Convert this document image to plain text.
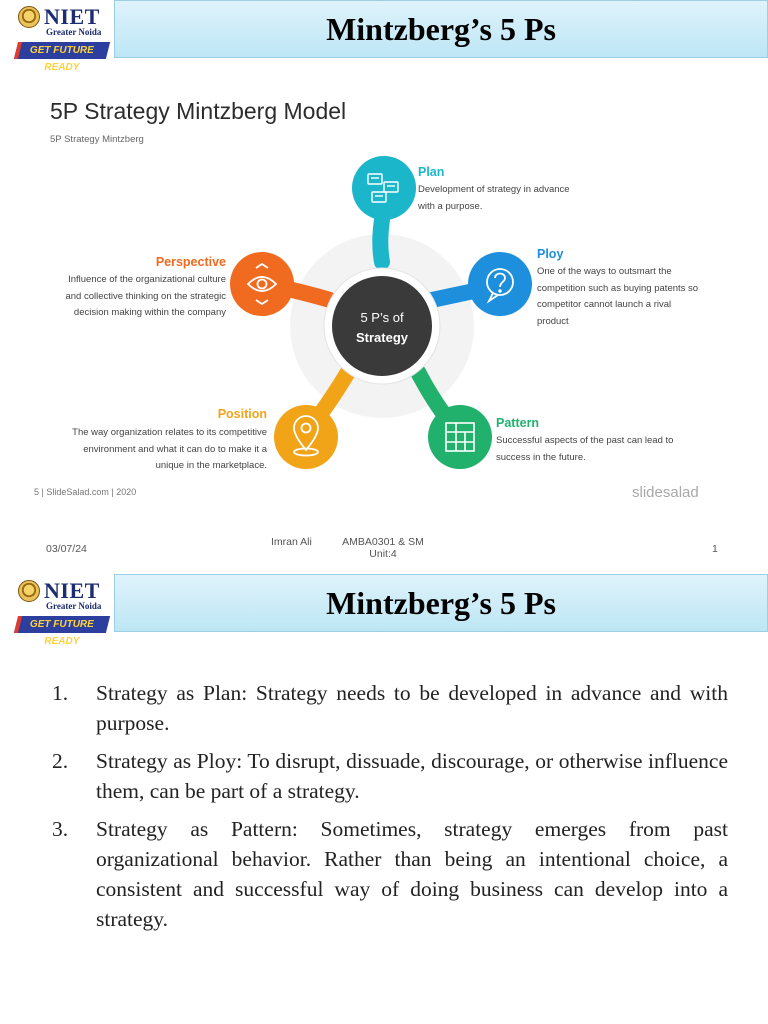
NIET
Greater Noida
GET FUTURE READY
Mintzberg’s 5 Ps
5P Strategy Mintzberg Model
5P Strategy Mintzberg
5 P’s of
Strategy
Plan
Development of strategy in advance
with a purpose.
Ploy
One of the ways to outsmart the
competition such as buying patents so
competitor cannot launch a rival
product
Pattern
Successful aspects of the past can lead to
success in the future.
Position
The way organization relates to its competitive
environment and what it can do to make it a
unique in the marketplace.
Perspective
Influence of the organizational culture
and collective thinking on the strategic
decision making within the company
5 | SlideSalad.com | 2020	slidesalad
03/07/24
Imran Ali	AMBA0301 & SM
Unit:4	1
NIET
Greater Noida
GET FUTURE READY
Mintzberg’s 5 Ps
1.	Strategy as Plan: Strategy needs to be developed in advance and with purpose.
2.	Strategy as Ploy: To disrupt, dissuade, discourage, or otherwise influence them, can be part of a strategy.
3.	Strategy as Pattern: Sometimes, strategy emerges from past organizational behavior. Rather than being an intentional choice, a consistent and successful way of doing business can develop into a strategy.
